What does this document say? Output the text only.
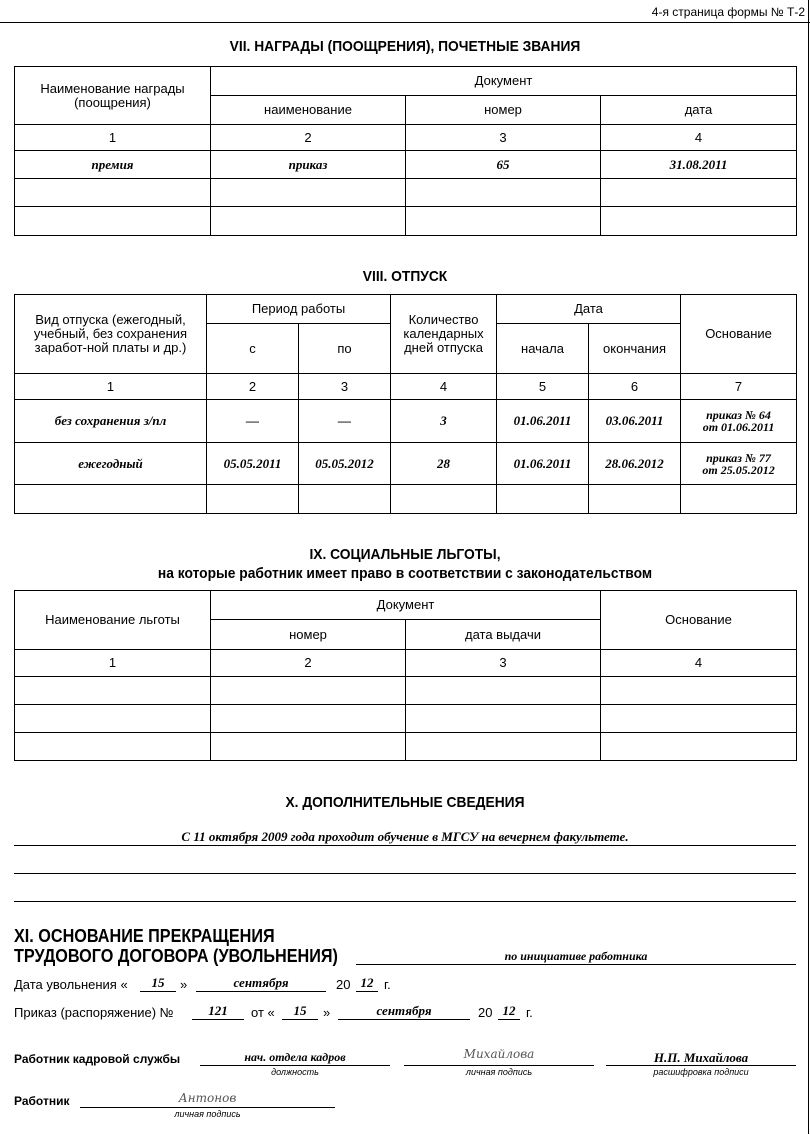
4-я страница формы № Т-2
VII. НАГРАДЫ (ПООЩРЕНИЯ), ПОЧЕТНЫЕ ЗВАНИЯ
Наименование награды (поощрения)	Документ		
	наименование	номер	дата
1	2	3	4
премия	приказ	65	31.08.2011

VIII. ОТПУСК
Вид отпуска (ежегодный, учебный, без сохранения заработ-ной платы и др.)	Период работы		Количество календарных дней отпуска	Дата		Основание
	с	по		начала	окончания	
1	2	3	4	5	6	7
без сохранения з/пл	—	—	3	01.06.2011	03.06.2011	приказ № 64
от 01.06.2011

ежегодный	05.05.2011	05.05.2012	28	01.06.2011	28.06.2012	приказ № 77
от 25.05.2012

IX. СОЦИАЛЬНЫЕ ЛЬГОТЫ,
на которые работник имеет право в соответствии с законодательством
Наименование льготы	Документ		Основание
	номер	дата выдачи	
1	2	3	4

X. ДОПОЛНИТЕЛЬНЫЕ СВЕДЕНИЯ
С 11 октября 2009 года проходит обучение в МГСУ на вечернем факультете.
XI. ОСНОВАНИЕ ПРЕКРАЩЕНИЯ
ТРУДОВОГО ДОГОВОРА (УВОЛЬНЕНИЯ)	по инициативе работника
Дата увольнения «	15	»	сентября	20 12 г.
Приказ (распоряжение) №	121	от «	15	»	сентября	20 12 г.
Работник кадровой службы	нач. отдела кадров
должность
Михайлова
личная подпись
Н.П. Михайлова
расшифровка подписи
Работник	Антонов
личная подпись
